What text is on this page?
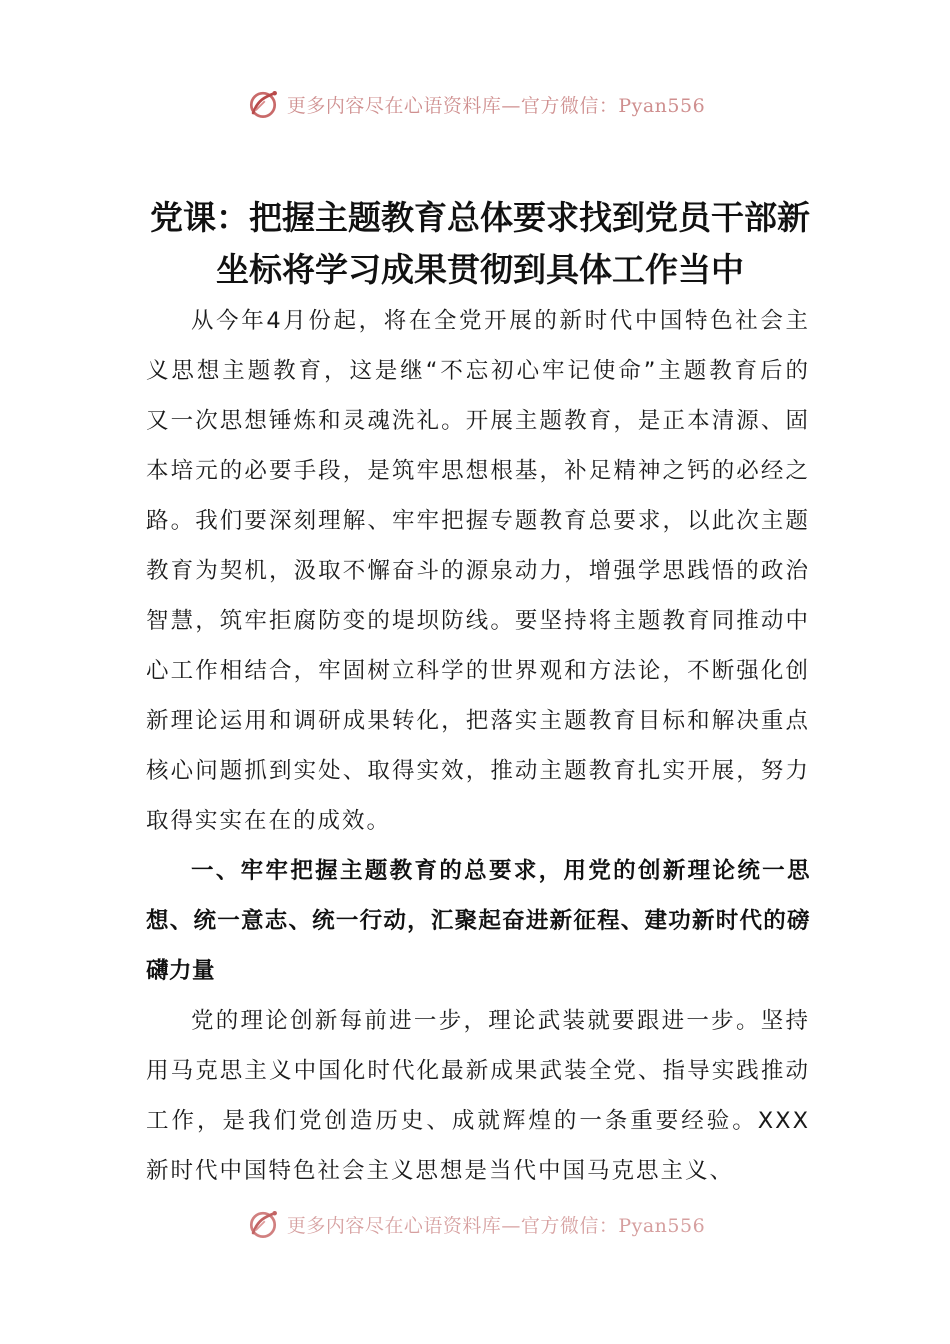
更多内容尽在心语资料库—官方微信：Pyan556
党课：把握主题教育总体要求找到党员干部新坐标将学习成果贯彻到具体工作当中

从今年4月份起，将在全党开展的新时代中国特色社会主义思想主题教育，这是继“不忘初心牢记使命”主题教育后的又一次思想锤炼和灵魂洗礼。开展主题教育，是正本清源、固本培元的必要手段，是筑牢思想根基，补足精神之钙的必经之路。我们要深刻理解、牢牢把握专题教育总要求，以此次主题教育为契机，汲取不懈奋斗的源泉动力，增强学思践悟的政治智慧，筑牢拒腐防变的堤坝防线。要坚持将主题教育同推动中心工作相结合，牢固树立科学的世界观和方法论，不断强化创新理论运用和调研成果转化，把落实主题教育目标和解决重点核心问题抓到实处、取得实效，推动主题教育扎实开展，努力取得实实在在的成效。

一、牢牢把握主题教育的总要求，用党的创新理论统一思想、统一意志、统一行动，汇聚起奋进新征程、建功新时代的磅礴力量

党的理论创新每前进一步，理论武装就要跟进一步。坚持用马克思主义中国化时代化最新成果武装全党、指导实践推动工作，是我们党创造历史、成就辉煌的一条重要经验。XXX新时代中国特色社会主义思想是当代中国马克思主义、

更多内容尽在心语资料库—官方微信：Pyan556
